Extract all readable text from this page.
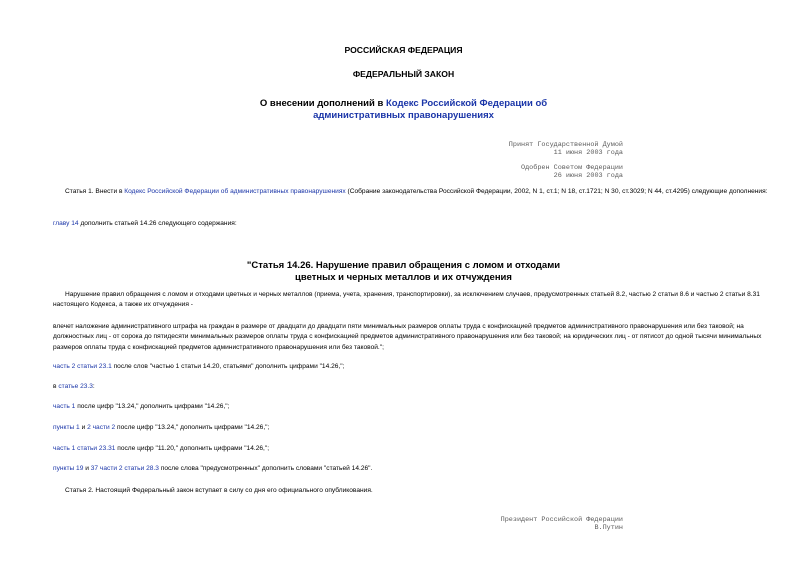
РОССИЙСКАЯ ФЕДЕРАЦИЯ
ФЕДЕРАЛЬНЫЙ ЗАКОН
О внесении дополнений в Кодекс Российской Федерации об
административных правонарушениях
Принят Государственной Думой
11 июня 2003 года
Одобрен Советом Федерации
26 июня 2003 года
Статья 1. Внести в Кодекс Российской Федерации об административных правонарушениях (Собрание законодательства Российской Федерации, 2002, N 1, ст.1; N 18, ст.1721; N 30, ст.3029; N 44, ст.4295) следующие дополнения:
главу 14 дополнить статьей 14.26 следующего содержания:
"Статья 14.26. Нарушение правил обращения с ломом и отходами
цветных и черных металлов и их отчуждения
Нарушение правил обращения с ломом и отходами цветных и черных металлов (приема, учета, хранения, транспортировки), за исключением случаев, предусмотренных статьей 8.2, частью 2 статьи 8.6 и частью 2 статьи 8.31 настоящего Кодекса, а также их отчуждения -
влечет наложение административного штрафа на граждан в размере от двадцати до двадцати пяти минимальных размеров оплаты труда с конфискацией предметов административного правонарушения или без таковой; на должностных лиц - от сорока до пятидесяти минимальных размеров оплаты труда с конфискацией предметов административного правонарушения или без таковой; на юридических лиц - от пятисот до одной тысячи минимальных размеров оплаты труда с конфискацией предметов административного правонарушения или без таковой.";
часть 2 статьи 23.1 после слов "частью 1 статьи 14.20, статьями" дополнить цифрами "14.26,";
в статье 23.3:
часть 1 после цифр "13.24," дополнить цифрами "14.26,";
пункты 1 и 2 части 2 после цифр "13.24," дополнить цифрами "14.26,";
часть 1 статьи 23.31 после цифр "11.20," дополнить цифрами "14.26,";
пункты 19 и 37 части 2 статьи 28.3 после слова "предусмотренных" дополнить словами "статьей 14.26".
Статья 2. Настоящий Федеральный закон вступает в силу со дня его официального опубликования.
Президент Российской Федерации
В.Путин
